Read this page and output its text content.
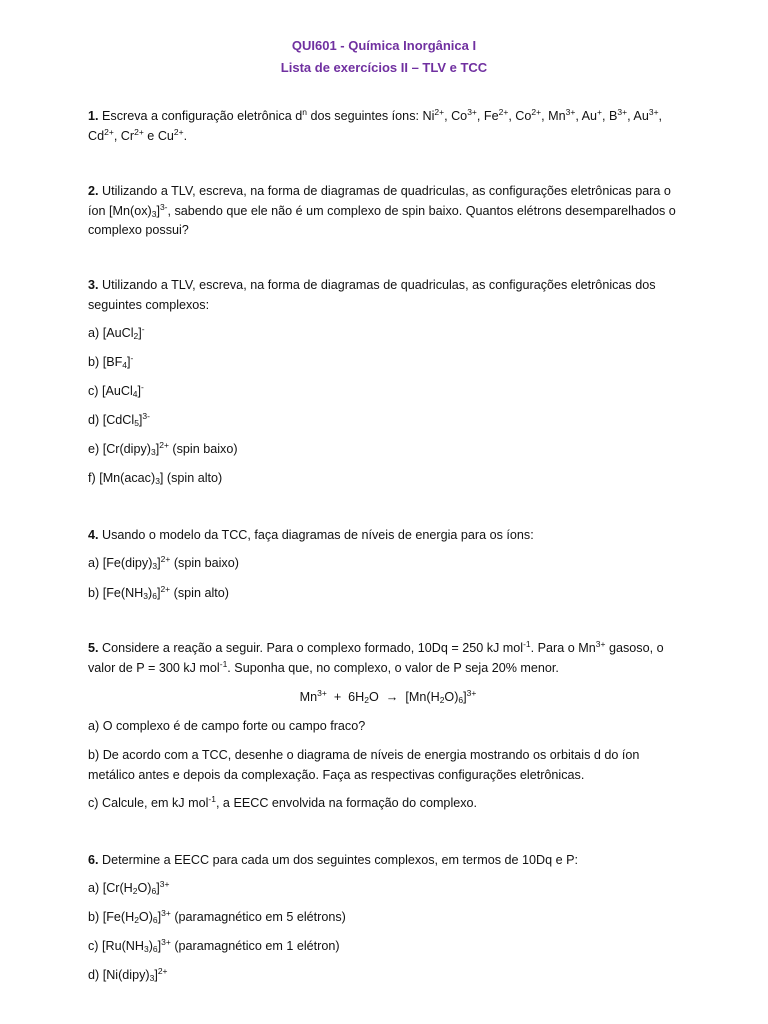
QUI601 - Química Inorgânica I
Lista de exercícios II – TLV e TCC
1. Escreva a configuração eletrônica $d^n$ dos seguintes íons: $Ni^{2+}$, $Co^{3+}$, $Fe^{2+}$, $Co^{2+}$, $Mn^{3+}$, Au+, $B^{3+}$, $Au^{3+}$, $Cd^{2+}$, $Cr^{2+}$ e $Cu^{2+}$.
2. Utilizando a TLV, escreva, na forma de diagramas de quadriculas, as configurações eletrônicas para o íon $[Mn(ox)_3]^{3-}$, sabendo que ele não é um complexo de spin baixo. Quantos elétrons desemparelhados o complexo possui?
3. Utilizando a TLV, escreva, na forma de diagramas de quadriculas, as configurações eletrônicas dos seguintes complexos:
a) [AuCl$_2$]-
b) $[BF_4]^-$
c) [AuCl$_4$]-
d) [CdCl$_5$]$^{3-}$
e) $[Cr(dipy)_3]^{2+}$ (spin baixo)
f) $[Mn(acac)_3]$ (spin alto)
4. Usando o modelo da TCC, faça diagramas de níveis de energia para os íons:
a) $[Fe(dipy)_3]^{2+}$ (spin baixo)
b) $[Fe(NH_3)_6]^{2+}$ (spin alto)
5. Considere a reação a seguir. Para o complexo formado, 10Dq = 250 kJ mol$^{-1}$. Para o $Mn^{3+}$ gasoso, o valor de P = 300 kJ mol$^{-1}$. Suponha que, no complexo, o valor de P seja 20% menor.
$Mn^{3+} + 6H_2O \to [Mn(H_2O)_6]^{3+}$
a) O complexo é de campo forte ou campo fraco?
b) De acordo com a TCC, desenhe o diagrama de níveis de energia mostrando os orbitais d do íon metálico antes e depois da complexação. Faça as respectivas configurações eletrônicas.
c) Calcule, em kJ mol$^{-1}$, a EECC envolvida na formação do complexo.
6. Determine a EECC para cada um dos seguintes complexos, em termos de 10Dq e P:
a) $[Cr(H_2O)_6]^{3+}$
b) $[Fe(H_2O)_6]^{3+}$ (paramagnético em 5 elétrons)
c) $[Ru(NH_3)_6]^{3+}$ (paramagnético em 1 elétron)
d) $[Ni(dipy)_3]^{2+}$
